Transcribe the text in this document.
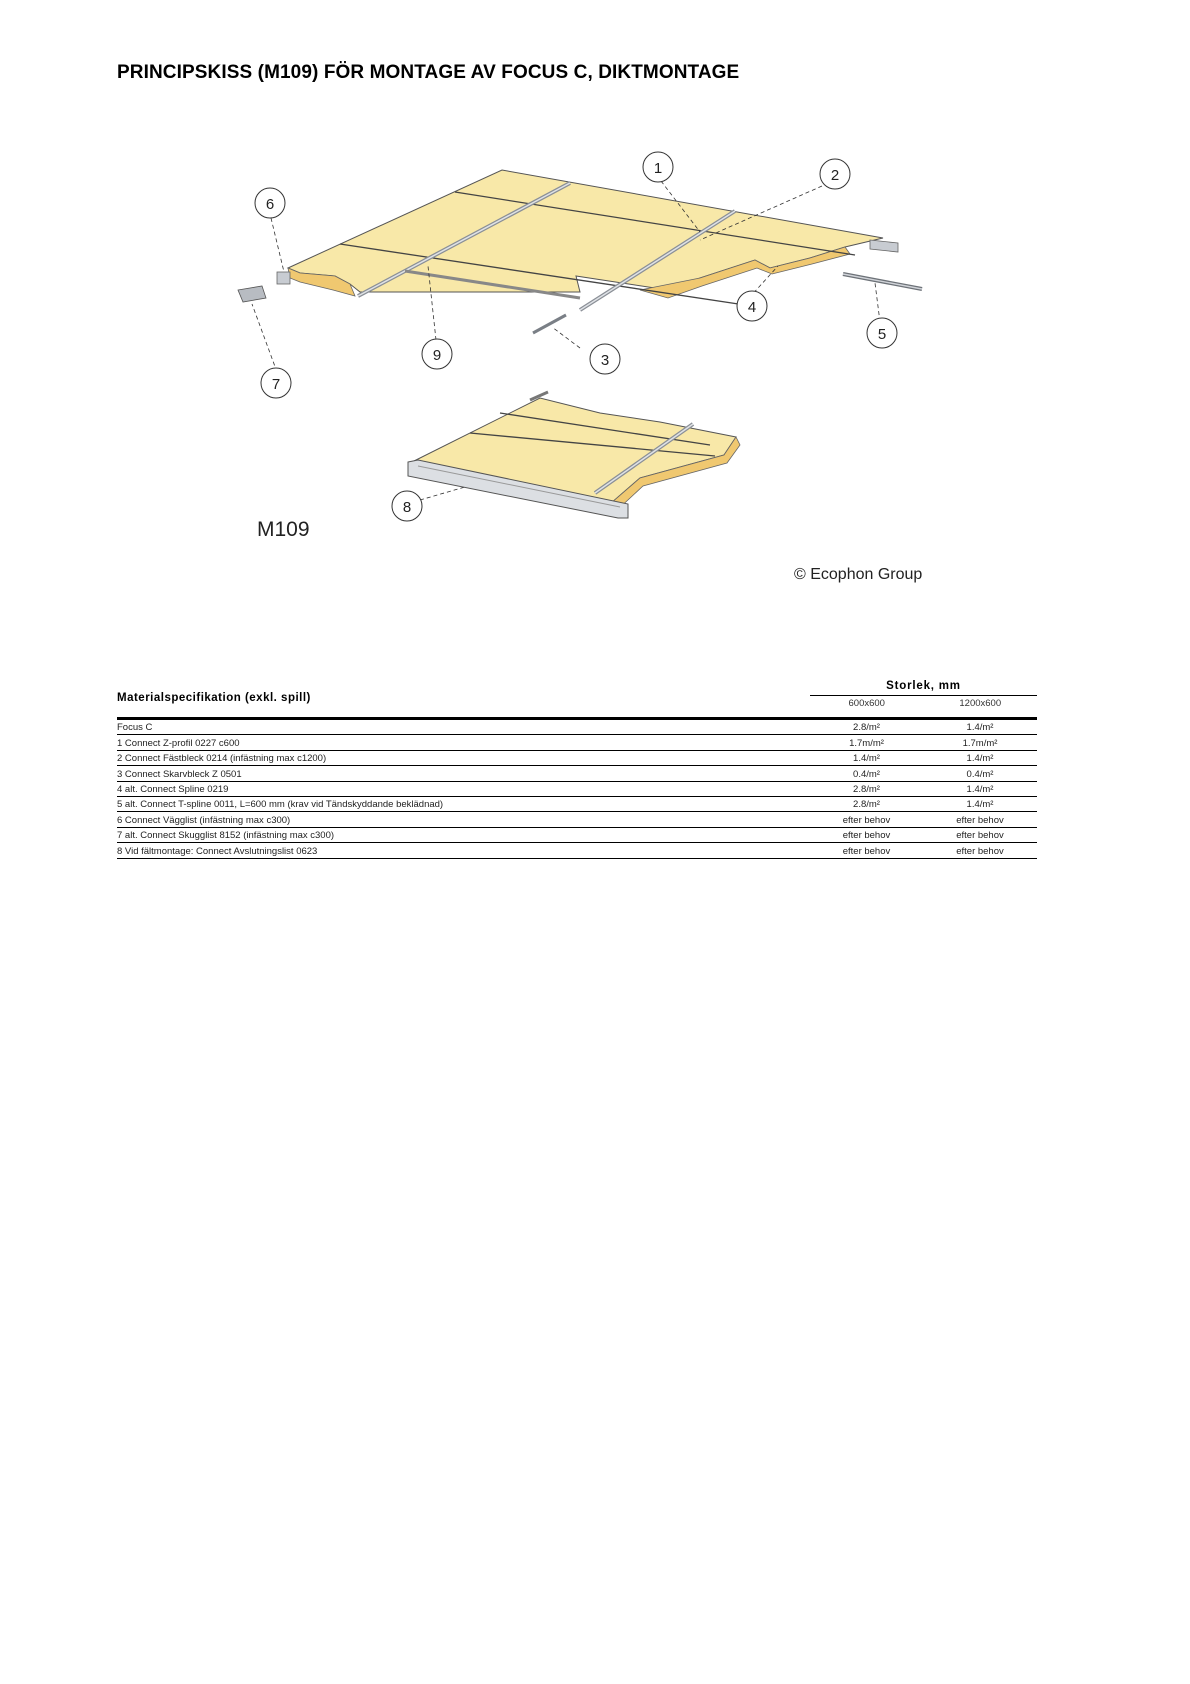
PRINCIPSKISS (M109) FÖR MONTAGE AV FOCUS C, DIKTMONTAGE
1	2
3
4
5
6
7
9
8
M109
© Ecophon Group
Materialspecifikation (exkl. spill)
Storlek, mm
600x600	1200x600
Focus C	2.8/m²	1.4/m²
1 Connect Z-profil 0227 c600	1.7m/m²	1.7m/m²
2 Connect Fästbleck 0214 (infästning max c1200)	1.4/m²	1.4/m²
3 Connect Skarvbleck Z 0501	0.4/m²	0.4/m²
4 alt. Connect Spline 0219	2.8/m²	1.4/m²
5 alt. Connect T-spline 0011, L=600 mm (krav vid Tändskyddande beklädnad)	2.8/m²	1.4/m²
6 Connect Vägglist (infästning max c300)	efter behov	efter behov
7 alt. Connect Skugglist 8152 (infästning max c300)	efter behov	efter behov
8 Vid fältmontage: Connect Avslutningslist 0623	efter behov	efter behov
